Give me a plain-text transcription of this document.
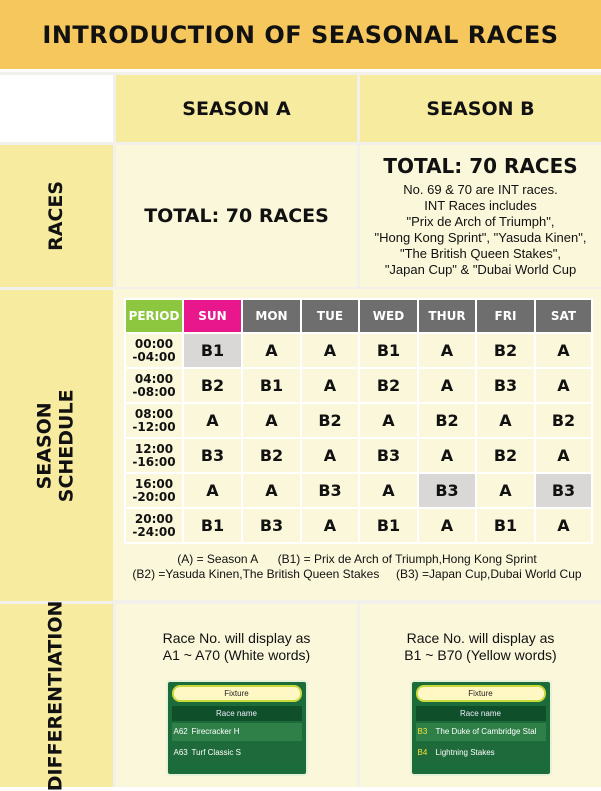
INTRODUCTION OF SEASONAL RACES
SEASON A	SEASON B
RACES	TOTAL: 70 RACES
TOTAL: 70 RACES
No. 69 & 70 are INT races.
INT Races includes
"Prix de Arch of Triumph",
"Hong Kong Sprint", "Yasuda Kinen",
"The British Queen Stakes",
"Japan Cup" & "Dubai World Cup
SEASON SCHEDULE
PERIOD	SUN	MON	TUE	WED	THUR	FRI	SAT

00:00
-04:00	B1	A	A	B1	A	B2	A

04:00
-08:00	B2	B1	A	B2	A	B3	A

08:00
-12:00	A	A	B2	A	B2	A	B2

12:00
-16:00	B3	B2	A	B3	A	B2	A

16:00
-20:00	A	A	B3	A	B3	A	B3

20:00
-24:00	B1	B3	A	B1	A	B1	A
(A) = Season A      (B1) = Prix de Arch of Triumph,Hong Kong Sprint
(B2) =Yasuda Kinen,The British Queen Stakes     (B3) =Japan Cup,Dubai World Cup
DIFFERENTIATION	Race No. will display as
A1 ~ A70 (White words)
Fixture
Race name
A62 Firecracker H
A63 Turf Classic S
Race No. will display as
B1 ~ B70 (Yellow words)
Fixture
Race name
B3 The Duke of Cambridge Stal
B4 Lightning Stakes
